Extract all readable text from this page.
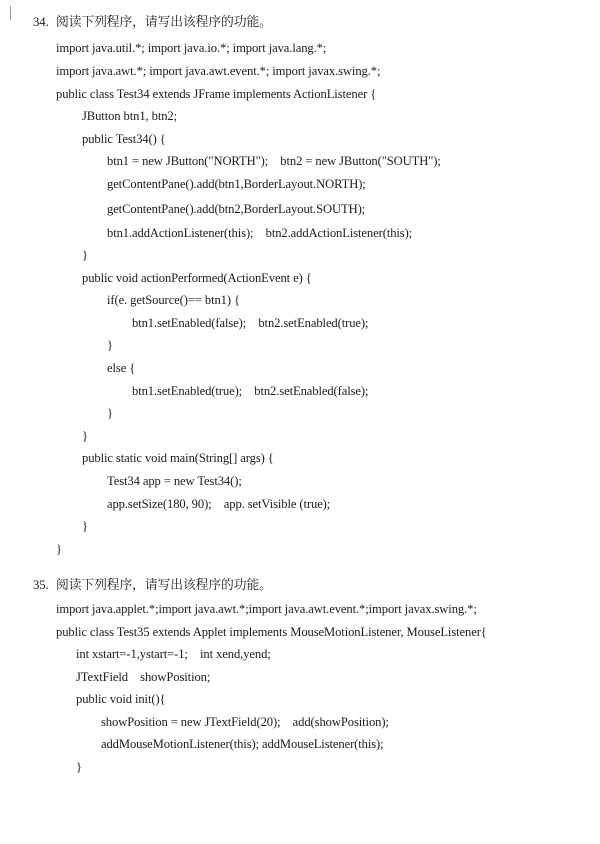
34. 阅读下列程序，请写出该程序的功能。
import java.util.*; import java.io.*; import java.lang.*;
import java.awt.*; import java.awt.event.*; import javax.swing.*;
public class Test34 extends JFrame implements ActionListener {
JButton btn1, btn2;
public Test34() {
btn1 = new JButton("NORTH");    btn2 = new JButton("SOUTH");
getContentPane().add(btn1,BorderLayout.NORTH);
getContentPane().add(btn2,BorderLayout.SOUTH);
btn1.addActionListener(this);    btn2.addActionListener(this);
}
public void actionPerformed(ActionEvent e) {
if(e. getSource()== btn1) {
btn1.setEnabled(false);    btn2.setEnabled(true);
}
else {
btn1.setEnabled(true);    btn2.setEnabled(false);
}
}
public static void main(String[] args) {
Test34 app = new Test34();
app.setSize(180, 90);    app. setVisible (true);
}
}
35. 阅读下列程序，请写出该程序的功能。
import java.applet.*;import java.awt.*;import java.awt.event.*;import javax.swing.*;
public class Test35 extends Applet implements MouseMotionListener, MouseListener{
int xstart=-1,ystart=-1;    int xend,yend;
JTextField    showPosition;
public void init(){
showPosition = new JTextField(20);    add(showPosition);
addMouseMotionListener(this); addMouseListener(this);
}
